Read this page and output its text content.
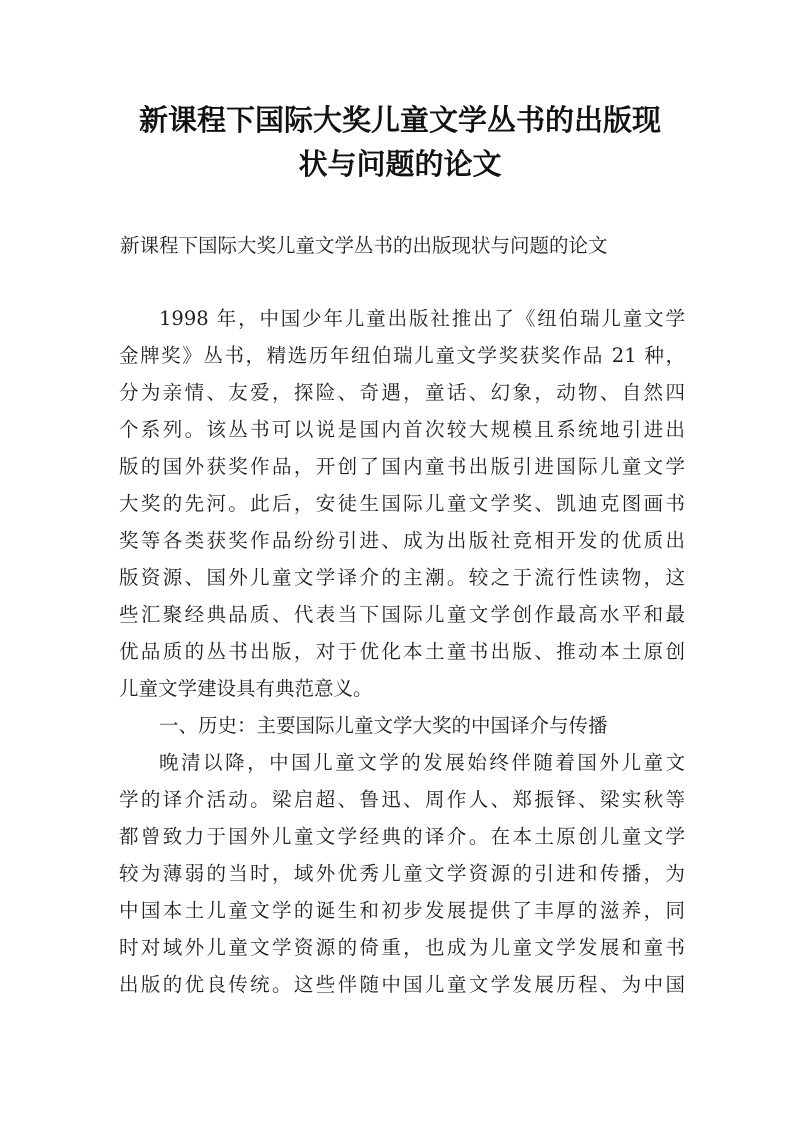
新课程下国际大奖儿童文学丛书的出版现
状与问题的论文
新课程下国际大奖儿童文学丛书的出版现状与问题的论文
1998 年，中国少年儿童出版社推出了《纽伯瑞儿童文学
金牌奖》丛书，精选历年纽伯瑞儿童文学奖获奖作品 21 种，
分为亲情、友爱，探险、奇遇，童话、幻象，动物、自然四
个系列。该丛书可以说是国内首次较大规模且系统地引进出
版的国外获奖作品，开创了国内童书出版引进国际儿童文学
大奖的先河。此后，安徒生国际儿童文学奖、凯迪克图画书
奖等各类获奖作品纷纷引进、成为出版社竞相开发的优质出
版资源、国外儿童文学译介的主潮。较之于流行性读物，这
些汇聚经典品质、代表当下国际儿童文学创作最高水平和最
优品质的丛书出版，对于优化本土童书出版、推动本土原创
儿童文学建设具有典范意义。
一、历史：主要国际儿童文学大奖的中国译介与传播
晚清以降，中国儿童文学的发展始终伴随着国外儿童文
学的译介活动。梁启超、鲁迅、周作人、郑振铎、梁实秋等
都曾致力于国外儿童文学经典的译介。在本土原创儿童文学
较为薄弱的当时，域外优秀儿童文学资源的引进和传播，为
中国本土儿童文学的诞生和初步发展提供了丰厚的滋养，同
时对域外儿童文学资源的倚重，也成为儿童文学发展和童书
出版的优良传统。这些伴随中国儿童文学发展历程、为中国
